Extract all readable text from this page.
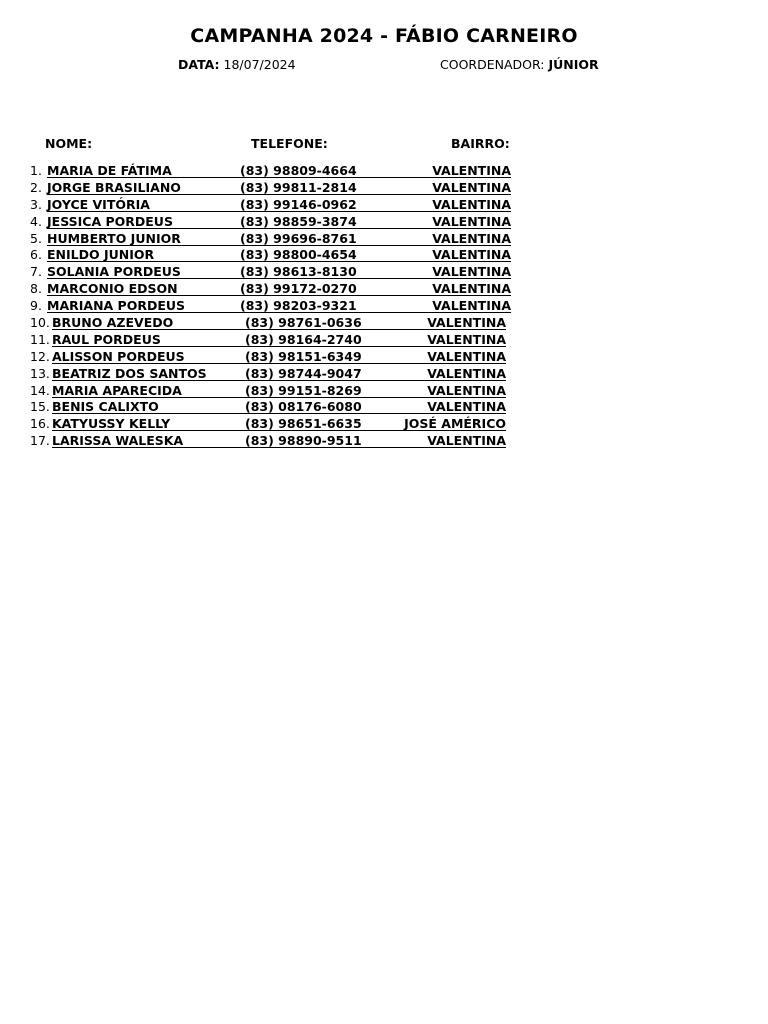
CAMPANHA 2024 - FÁBIO CARNEIRO
DATA: 18/07/2024	COORDENADOR: JÚNIOR
NOME:	TELEFONE:	BAIRRO:
1. MARIA DE FÁTIMA	(83) 98809-4664	VALENTINA
2. JORGE BRASILIANO	(83) 99811-2814	VALENTINA
3. JOYCE VITÓRIA	(83) 99146-0962	VALENTINA
4. JESSICA PORDEUS	(83) 98859-3874	VALENTINA
5. HUMBERTO JUNIOR	(83) 99696-8761	VALENTINA
6. ENILDO JUNIOR	(83) 98800-4654	VALENTINA
7. SOLANIA PORDEUS	(83) 98613-8130	VALENTINA
8. MARCONIO EDSON	(83) 99172-0270	VALENTINA
9. MARIANA PORDEUS	(83) 98203-9321	VALENTINA
10. BRUNO AZEVEDO	(83) 98761-0636	VALENTINA
11. RAUL PORDEUS	(83) 98164-2740	VALENTINA
12. ALISSON PORDEUS	(83) 98151-6349	VALENTINA
13. BEATRIZ DOS SANTOS	(83) 98744-9047	VALENTINA
14. MARIA APARECIDA	(83) 99151-8269	VALENTINA
15. BENIS CALIXTO	(83) 08176-6080	VALENTINA
16. KATYUSSY KELLY	(83) 98651-6635	JOSÉ AMÉRICO
17. LARISSA WALESKA	(83) 98890-9511	VALENTINA
